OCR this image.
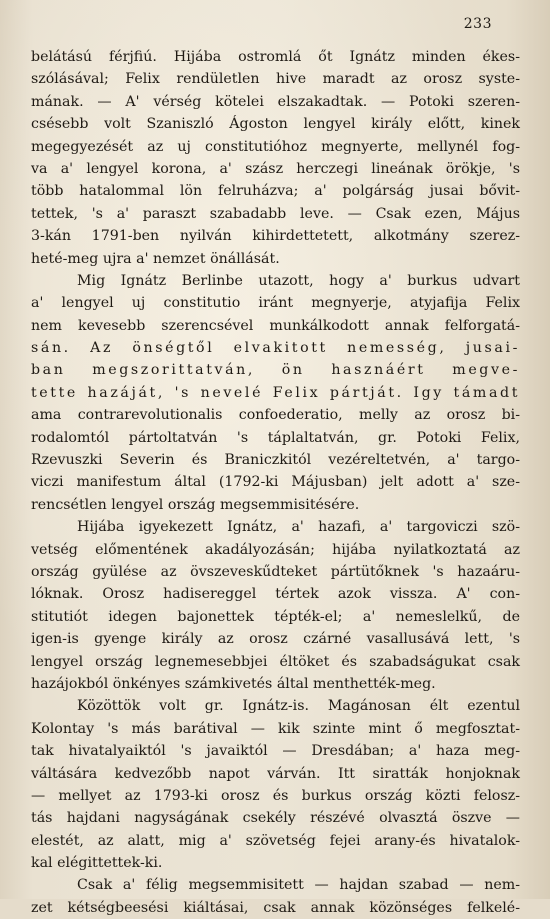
233
belátású férjfiú. Hijába ostromlá őt Ignátz minden ékes-
szólásával; Felix rendületlen hive maradt az orosz syste-
mának. — A' vérség kötelei elszakadtak. — Potoki szeren-
csésebb volt Szaniszló Ágoston lengyel király előtt, kinek
megegyezését az uj constitutióhoz megnyerte, mellynél fog-
va a' lengyel korona, a' szász herczegi lineának örökje, 's
több hatalommal lön felruházva; a' polgárság jusai bővit-
tettek, 's a' paraszt szabadabb leve. — Csak ezen, Május
3-kán 1791-ben nyilván kihirdettetett, alkotmány szerez-
heté-meg ujra a' nemzet önállását.
Mig Ignátz Berlinbe utazott, hogy a' burkus udvart
a' lengyel uj constitutio iránt megnyerje, atyjafija Felix
nem kevesebb szerencsével munkálkodott annak felforgatá-
sán. Az önségtől elvakitott nemesség, jusai-
ban megszorittatván, ön hasznáért megve-
tette hazáját, 's nevelé Felix pártját. Igy támadt
ama contrarevolutionalis confoederatio, melly az orosz bi-
rodalomtól pártoltatván 's táplaltatván, gr. Potoki Felix,
Rzevuszki Severin és Braniczkitól vezéreltetvén, a' targo-
viczi manifestum által (1792-ki Májusban) jelt adott a' sze-
rencsétlen lengyel ország megsemmisitésére.
Hijába igyekezett Ignátz, a' hazafi, a' targoviczi szö-
vetség előmentének akadályozásán; hijába nyilatkoztatá az
ország gyülése az övszeveskűdteket pártütőknek 's hazaáru-
lóknak. Orosz hadisereggel tértek azok vissza. A' con-
stitutiót idegen bajonettek tépték-el; a' nemeslelkű, de
igen-is gyenge király az orosz czárné vasallusává lett, 's
lengyel ország legnemesebbjei éltöket és szabadságukat csak
hazájokból önkényes számkivetés által menthették-meg.
Közöttök volt gr. Ignátz-is. Magánosan élt ezentul
Kolontay 's más barátival — kik szinte mint ő megfosztat-
tak hivatalyaiktól 's javaiktól — Dresdában; a' haza meg-
váltására kedvezőbb napot várván. Itt siratták honjoknak
— mellyet az 1793-ki orosz és burkus ország közti felosz-
tás hajdani nagyságának csekély részévé olvasztá öszve —
elestét, az alatt, mig a' szövetség fejei arany-és hivatalok-
kal elégittettek-ki.
Csak a' félig megsemmisitett — hajdan szabad — nem-
zet kétségbeesési kiáltásai, csak annak közönséges felkelé-
